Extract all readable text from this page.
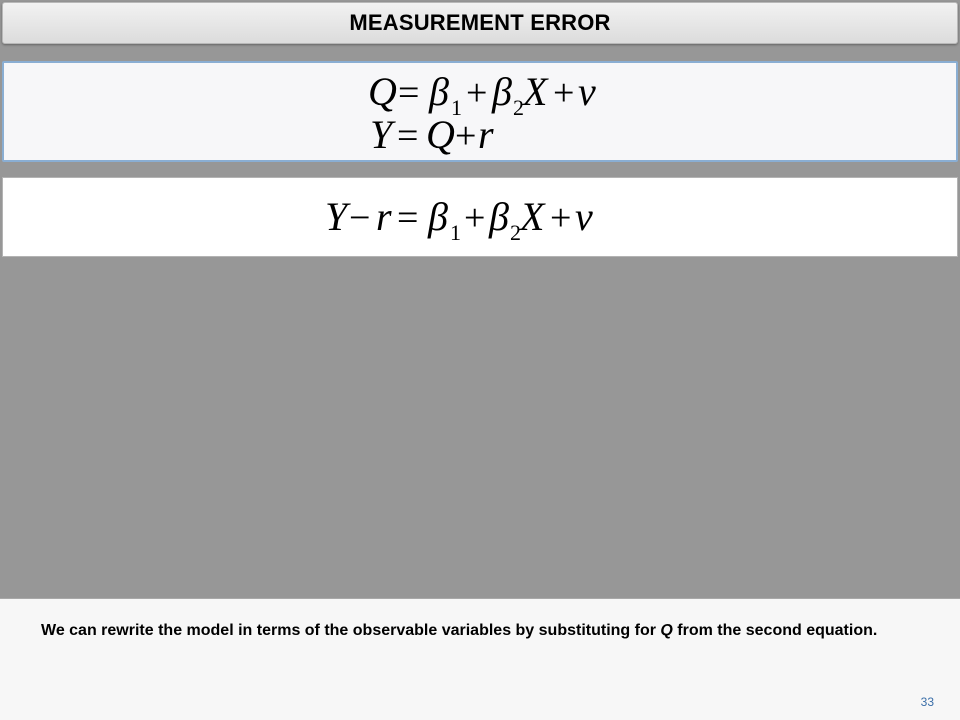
MEASUREMENT ERROR
Q = β 1 + β 2 X + v
Y = Q + r
Y − r = β 1 + β 2 X + v
We can rewrite the model in terms of the observable variables by substituting for Q from the second equation.
33
